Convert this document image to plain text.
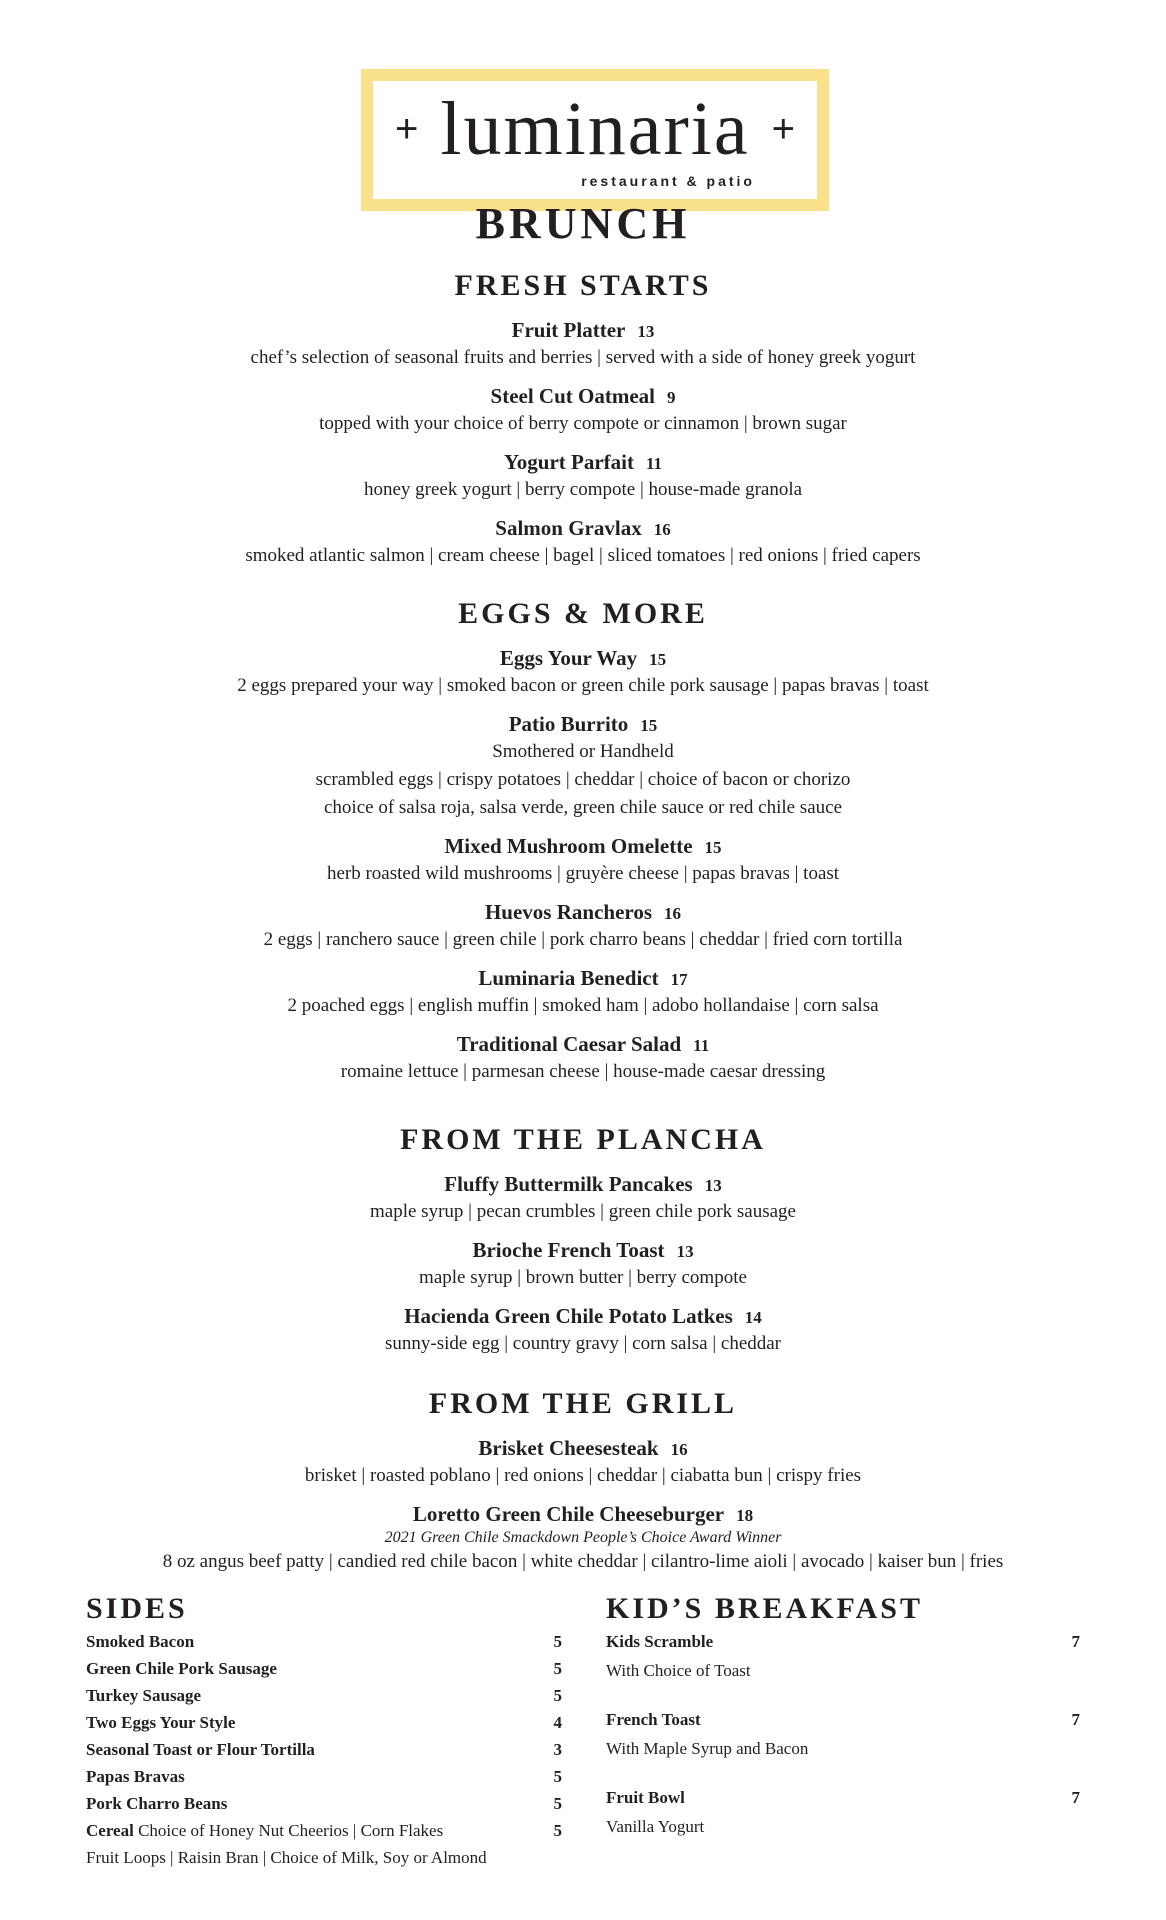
+ luminaria +
restaurant & patio
BRUNCH
FRESH STARTS
Fruit Platter 13
chef’s selection of seasonal fruits and berries | served with a side of honey greek yogurt
Steel Cut Oatmeal 9
topped with your choice of berry compote or cinnamon | brown sugar
Yogurt Parfait 11
honey greek yogurt | berry compote | house-made granola
Salmon Gravlax 16
smoked atlantic salmon | cream cheese | bagel | sliced tomatoes | red onions | fried capers
EGGS & MORE
Eggs Your Way 15
2 eggs prepared your way | smoked bacon or green chile pork sausage | papas bravas | toast
Patio Burrito 15
Smothered or Handheld
scrambled eggs | crispy potatoes | cheddar | choice of bacon or chorizo
choice of salsa roja, salsa verde, green chile sauce or red chile sauce
Mixed Mushroom Omelette 15
herb roasted wild mushrooms | gruyère cheese | papas bravas | toast
Huevos Rancheros 16
2 eggs | ranchero sauce | green chile | pork charro beans | cheddar | fried corn tortilla
Luminaria Benedict 17
2 poached eggs | english muffin | smoked ham | adobo hollandaise | corn salsa
Traditional Caesar Salad 11
romaine lettuce | parmesan cheese | house-made caesar dressing
FROM THE PLANCHA
Fluffy Buttermilk Pancakes 13
maple syrup | pecan crumbles | green chile pork sausage
Brioche French Toast 13
maple syrup | brown butter | berry compote
Hacienda Green Chile Potato Latkes 14
sunny-side egg | country gravy | corn salsa | cheddar
FROM THE GRILL
Brisket Cheesesteak 16
brisket | roasted poblano | red onions | cheddar | ciabatta bun | crispy fries
Loretto Green Chile Cheeseburger 18
2021 Green Chile Smackdown People’s Choice Award Winner
8 oz angus beef patty | candied red chile bacon | white cheddar | cilantro-lime aioli | avocado | kaiser bun | fries
SIDES
Smoked Bacon	5
Green Chile Pork Sausage	5
Turkey Sausage	5
Two Eggs Your Style	4
Seasonal Toast or Flour Tortilla	3
Papas Bravas	5
Pork Charro Beans	5
Cereal Choice of Honey Nut Cheerios | Corn Flakes	5
Fruit Loops | Raisin Bran | Choice of Milk, Soy or Almond
KID’S BREAKFAST
Kids Scramble	7
With Choice of Toast
French Toast	7
With Maple Syrup and Bacon
Fruit Bowl	7
Vanilla Yogurt
